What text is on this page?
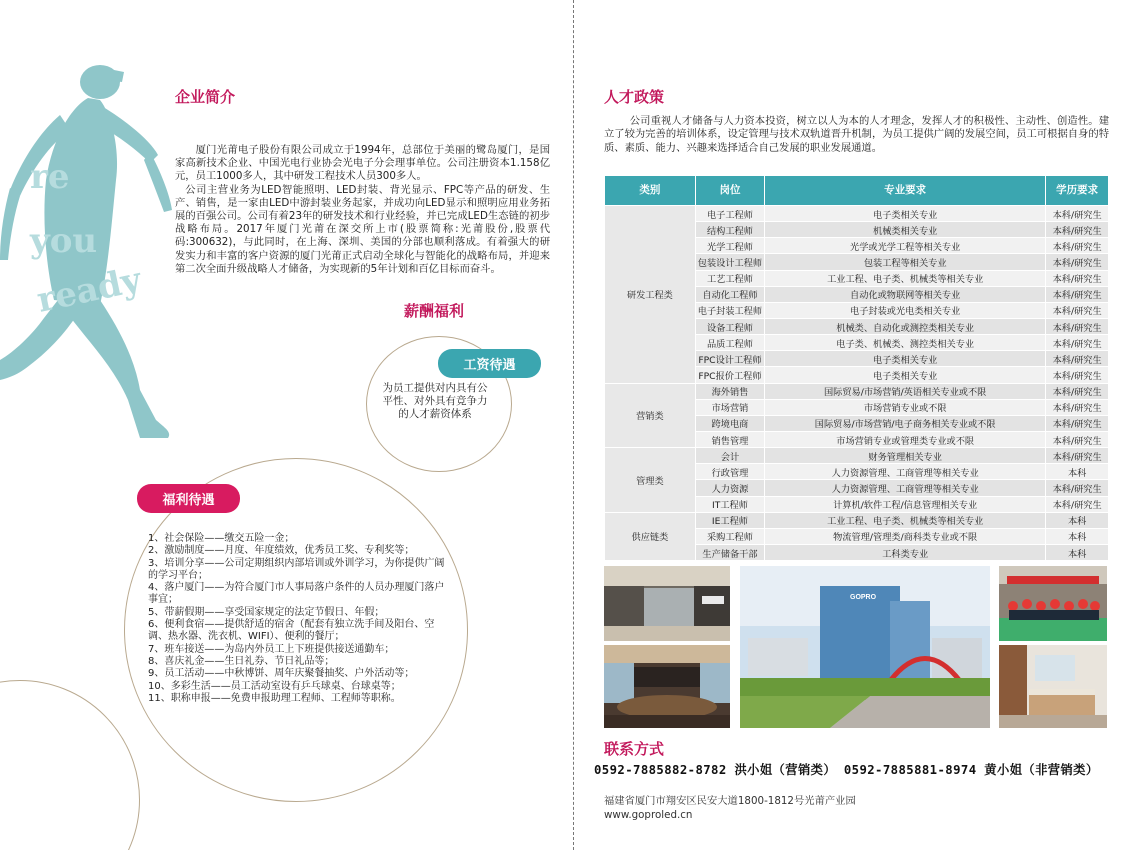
re
you
ready
企业简介

厦门光莆电子股份有限公司成立于1994年，总部位于美丽的鹭岛厦门，是国家高新技术企业、中国光电行业协会光电子分会理事单位。公司注册资本1.158亿元，员工1000多人，其中研发工程技术人员300多人。

公司主营业务为LED智能照明、LED封装、背光显示、FPC等产品的研发、生产、销售，是一家由LED中游封装业务起家，并成功向LED显示和照明应用业务拓展的百强公司。公司有着23年的研发技术和行业经验，并已完成LED生态链的初步战略布局。2017年厦门光莆在深交所上市(股票简称:光莆股份,股票代码:300632)，与此同时，在上海、深圳、美国的分部也顺利落成。有着强大的研发实力和丰富的客户资源的厦门光莆正式启动全球化与智能化的战略布局，并迎来第二次全面升级战略人才储备，为实现新的5年计划和百亿目标而奋斗。

薪酬福利
工资待遇
为员工提供对内具有公平性、对外具有竞争力的人才薪资体系
福利待遇
1、社会保险——缴交五险一金；
2、激励制度——月度、年度绩效，优秀员工奖、专利奖等；
3、培训分享——公司定期组织内部培训或外训学习，为你提供广阔的学习平台；
4、落户厦门——为符合厦门市人事局落户条件的人员办理厦门落户事宜；
5、带薪假期——享受国家规定的法定节假日、年假；
6、便利食宿——提供舒适的宿舍（配套有独立洗手间及阳台、空调、热水器、洗衣机、WIFI）、便利的餐厅；
7、班车接送——为岛内外员工上下班提供接送通勤车；
8、喜庆礼金——生日礼券、节日礼品等；
9、员工活动——中秋博饼、周年庆聚餐抽奖、户外活动等；
10、多彩生活——员工活动室设有乒乓球桌、台球桌等；
11、职称申报——免费申报助理工程师、工程师等职称。
人才政策
公司重视人才储备与人力资本投资，树立以人为本的人才理念，发挥人才的积极性、主动性、创造性。建立了较为完善的培训体系，设定管理与技术双轨道晋升机制，为员工提供广阔的发展空间，员工可根据自身的特质、素质、能力、兴趣来选择适合自己发展的职业发展通道。
类别	岗位	专业要求	学历要求
研发工程类	电子工程师	电子类相关专业	本科/研究生
	结构工程师	机械类相关专业	本科/研究生
	光学工程师	光学或光学工程等相关专业	本科/研究生
	包装设计工程师	包装工程等相关专业	本科/研究生
	工艺工程师	工业工程、电子类、机械类等相关专业	本科/研究生
	自动化工程师	自动化或物联网等相关专业	本科/研究生
	电子封装工程师	电子封装或光电类相关专业	本科/研究生
	设备工程师	机械类、自动化或测控类相关专业	本科/研究生
	品质工程师	电子类、机械类、测控类相关专业	本科/研究生
	FPC设计工程师	电子类相关专业	本科/研究生
	FPC报价工程师	电子类相关专业	本科/研究生
营销类	海外销售	国际贸易/市场营销/英语相关专业或不限	本科/研究生
	市场营销	市场营销专业或不限	本科/研究生
	跨境电商	国际贸易/市场营销/电子商务相关专业或不限	本科/研究生
	销售管理	市场营销专业或管理类专业或不限	本科/研究生
管理类	会计	财务管理相关专业	本科/研究生
	行政管理	人力资源管理、工商管理等相关专业	本科
	人力资源	人力资源管理、工商管理等相关专业	本科/研究生
	IT工程师	计算机/软件工程/信息管理相关专业	本科/研究生
供应链类	IE工程师	工业工程、电子类、机械类等相关专业	本科
	采购工程师	物流管理/管理类/商科类专业或不限	本科
	生产储备干部	工科类专业	本科
GOPRO
联系方式
0592-7885882-8782 洪小姐（营销类） 0592-7885881-8974 黄小姐（非营销类）
福建省厦门市翔安区民安大道1800-1812号光莆产业园
www.goproled.cn
